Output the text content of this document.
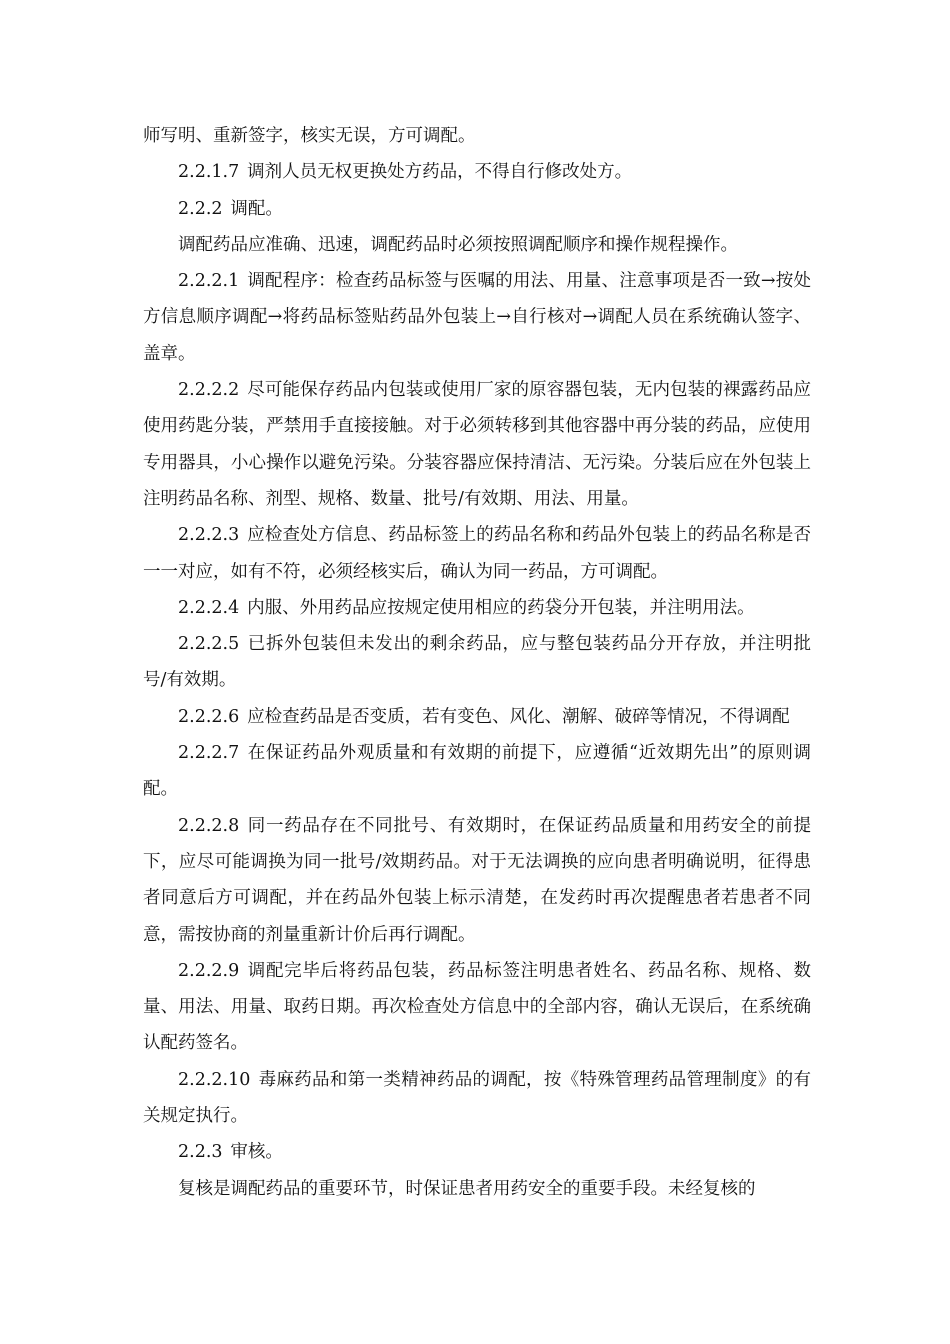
师写明、重新签字，核实无误，方可调配。

2.2.1.7 调剂人员无权更换处方药品，不得自行修改处方。

2.2.2 调配。

调配药品应准确、迅速，调配药品时必须按照调配顺序和操作规程操作。

2.2.2.1 调配程序：检查药品标签与医嘱的用法、用量、注意事项是否一致→按处方信息顺序调配→将药品标签贴药品外包装上→自行核对→调配人员在系统确认签字、盖章。

2.2.2.2 尽可能保存药品内包装或使用厂家的原容器包装，无内包装的裸露药品应使用药匙分装，严禁用手直接接触。对于必须转移到其他容器中再分装的药品，应使用专用器具，小心操作以避免污染。分装容器应保持清洁、无污染。分装后应在外包装上注明药品名称、剂型、规格、数量、批号/有效期、用法、用量。

2.2.2.3 应检查处方信息、药品标签上的药品名称和药品外包装上的药品名称是否一一对应，如有不符，必须经核实后，确认为同一药品，方可调配。

2.2.2.4 内服、外用药品应按规定使用相应的药袋分开包装，并注明用法。

2.2.2.5 已拆外包装但未发出的剩余药品，应与整包装药品分开存放，并注明批号/有效期。

2.2.2.6 应检查药品是否变质，若有变色、风化、潮解、破碎等情况，不得调配

2.2.2.7 在保证药品外观质量和有效期的前提下，应遵循“近效期先出”的原则调配。

2.2.2.8 同一药品存在不同批号、有效期时，在保证药品质量和用药安全的前提下，应尽可能调换为同一批号/效期药品。对于无法调换的应向患者明确说明，征得患者同意后方可调配，并在药品外包装上标示清楚，在发药时再次提醒患者若患者不同意，需按协商的剂量重新计价后再行调配。

2.2.2.9 调配完毕后将药品包装，药品标签注明患者姓名、药品名称、规格、数量、用法、用量、取药日期。再次检查处方信息中的全部内容，确认无误后，在系统确认配药签名。

2.2.2.10 毒麻药品和第一类精神药品的调配，按《特殊管理药品管理制度》的有关规定执行。

2.2.3 审核。

复核是调配药品的重要环节，时保证患者用药安全的重要手段。未经复核的
